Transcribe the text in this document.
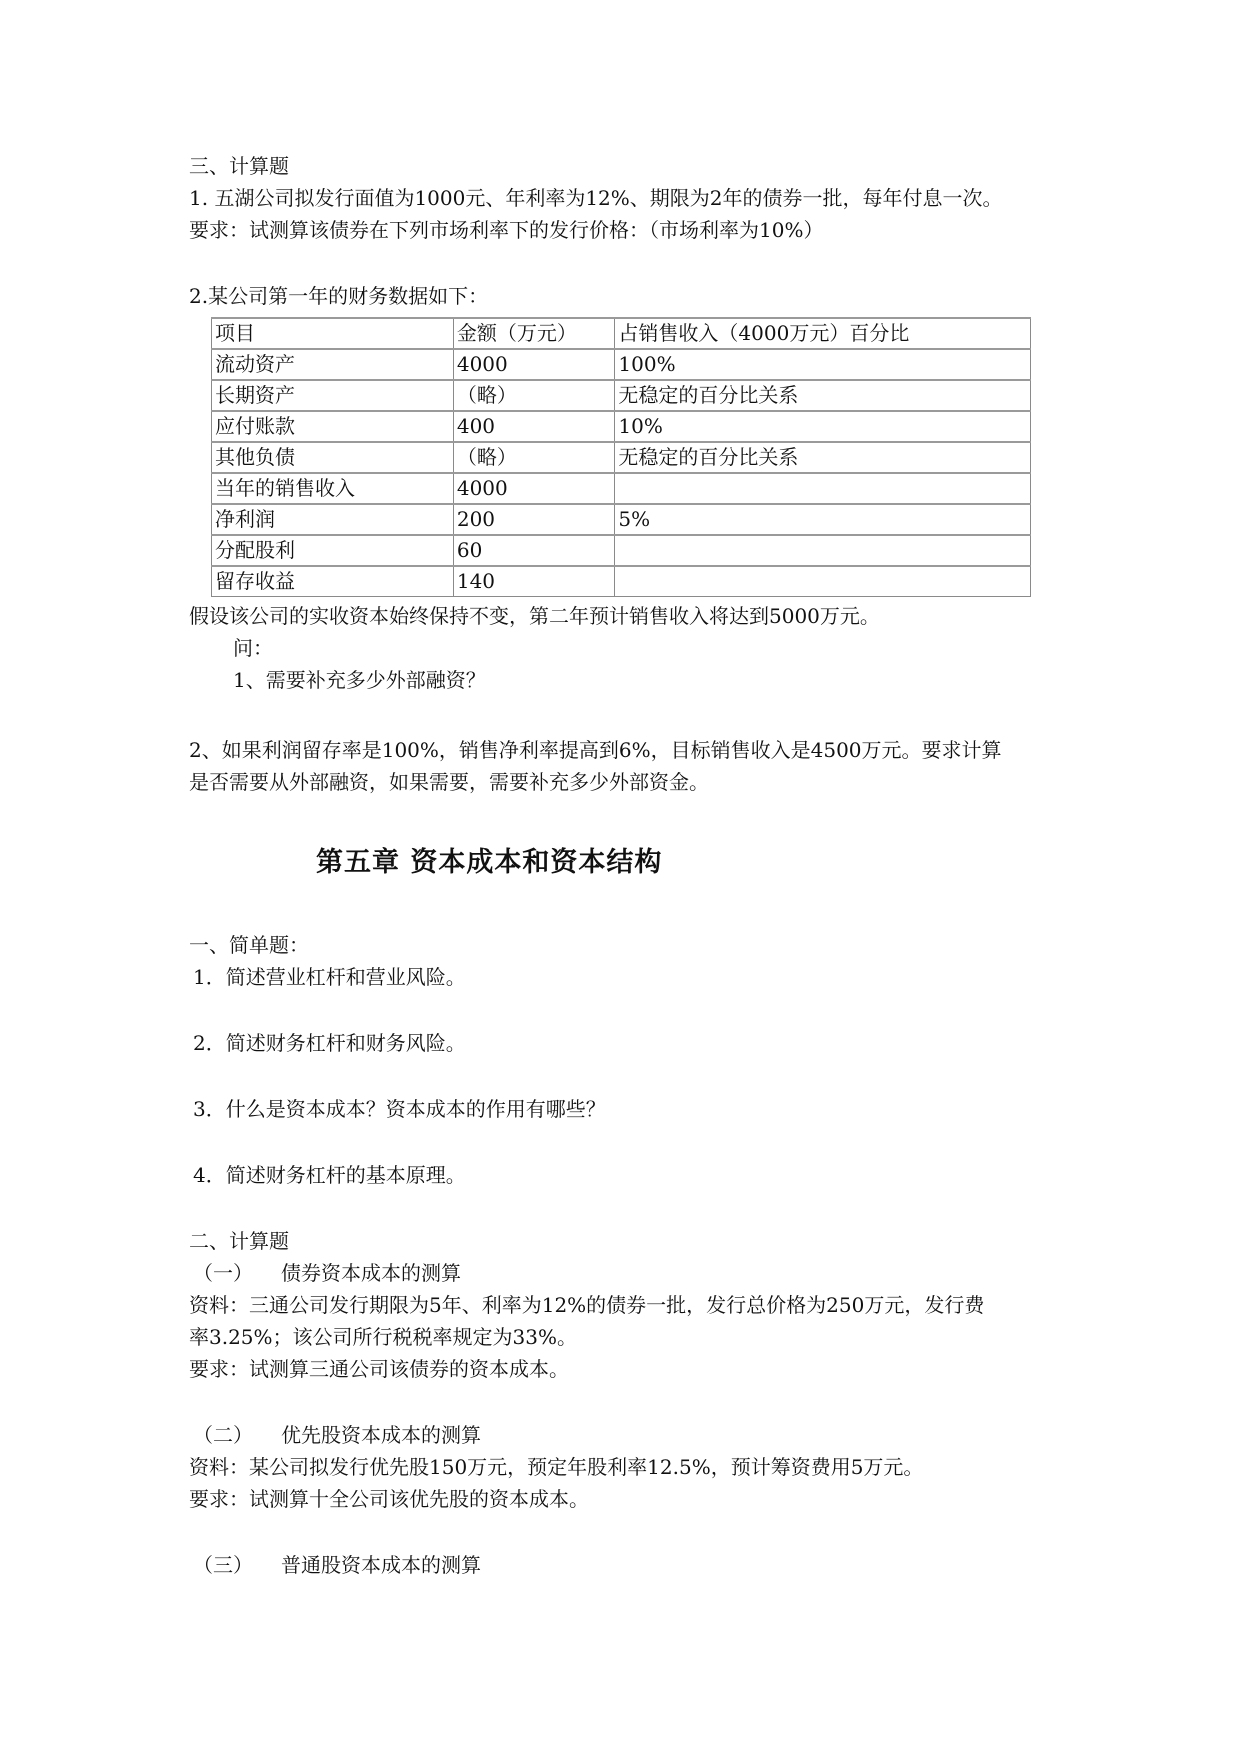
三、计算题
1. 五湖公司拟发行面值为1000元、年利率为12%、期限为2年的债券一批，每年付息一次。
要求：试测算该债券在下列市场利率下的发行价格：（市场利率为10%）
2.某公司第一年的财务数据如下：
项目	金额（万元）	占销售收入（4000万元）百分比
流动资产	4000	100%
长期资产	（略）	无稳定的百分比关系
应付账款	400	10%
其他负债	（略）	无稳定的百分比关系
当年的销售收入	4000	
净利润	200	5%
分配股利	60	
留存收益	140	
假设该公司的实收资本始终保持不变，第二年预计销售收入将达到5000万元。
问：
1、需要补充多少外部融资？
2、如果利润留存率是100%，销售净利率提高到6%，目标销售收入是4500万元。要求计算
是否需要从外部融资，如果需要，需要补充多少外部资金。
第五章 资本成本和资本结构
一、简单题：
1．简述营业杠杆和营业风险。
2．简述财务杠杆和财务风险。
3．什么是资本成本？资本成本的作用有哪些？
4．简述财务杠杆的基本原理。
二、计算题
（一） 债券资本成本的测算
资料：三通公司发行期限为5年、利率为12%的债券一批，发行总价格为250万元，发行费
率3.25%；该公司所行税税率规定为33%。
要求：试测算三通公司该债券的资本成本。
（二） 优先股资本成本的测算
资料：某公司拟发行优先股150万元，预定年股利率12.5%，预计筹资费用5万元。
要求：试测算十全公司该优先股的资本成本。
（三） 普通股资本成本的测算
